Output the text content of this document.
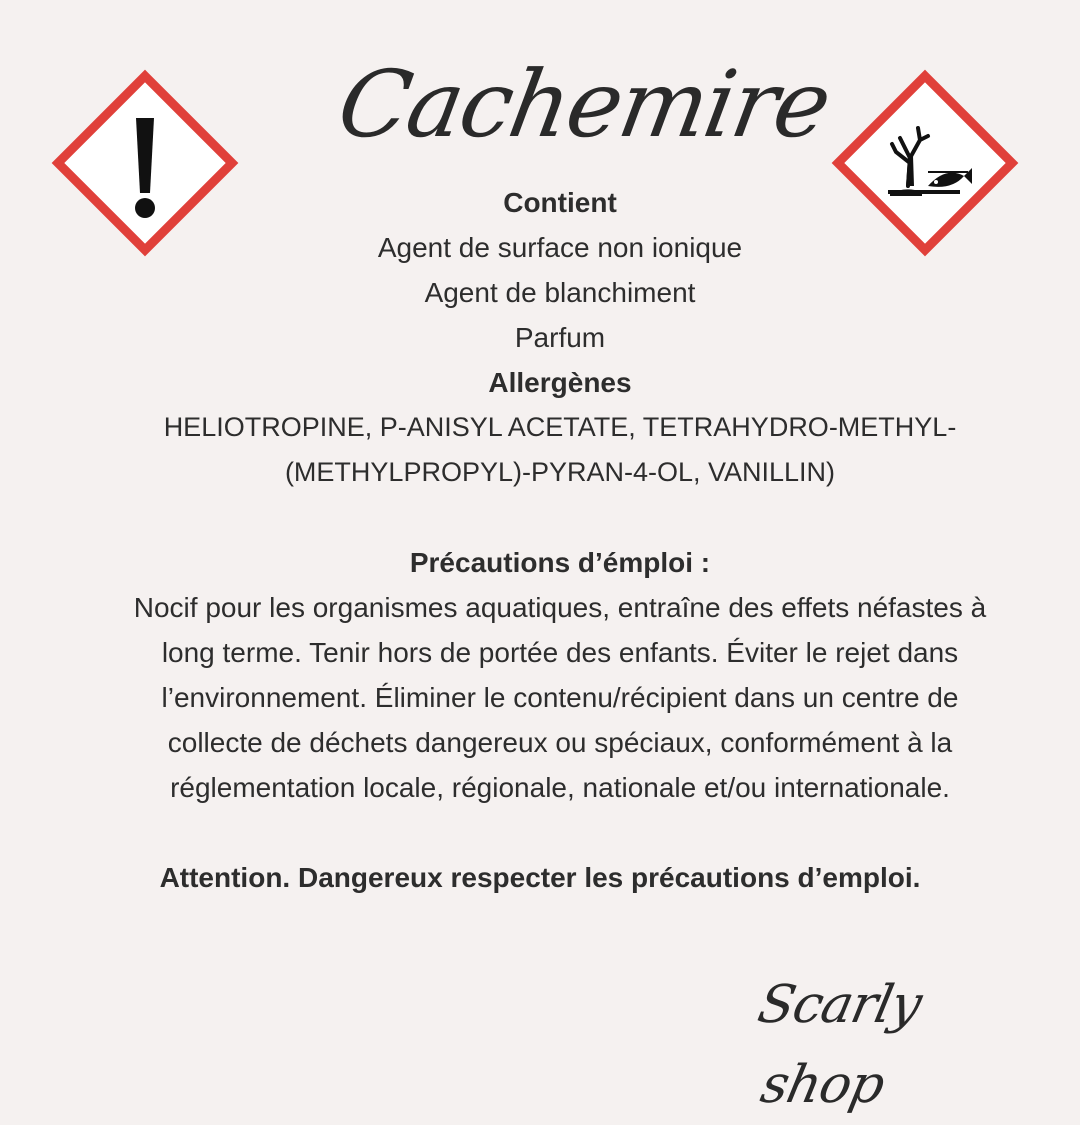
Cachemire
Contient
Agent de surface non ionique
Agent de blanchiment
Parfum
Allergènes
HELIOTROPINE, P-ANISYL ACETATE, TETRAHYDRO-METHYL-
(METHYLPROPYL)-PYRAN-4-OL, VANILLIN)
Précautions d’émploi :
Nocif pour les organismes aquatiques, entraîne des effets néfastes à
long terme. Tenir hors de portée des enfants. Éviter le rejet dans
l’environnement. Éliminer le contenu/récipient dans un centre de
collecte de déchets dangereux ou spéciaux, conformément à la
réglementation locale, régionale, nationale et/ou internationale.
Attention. Dangereux respecter les précautions d’emploi.
Scarly shop
